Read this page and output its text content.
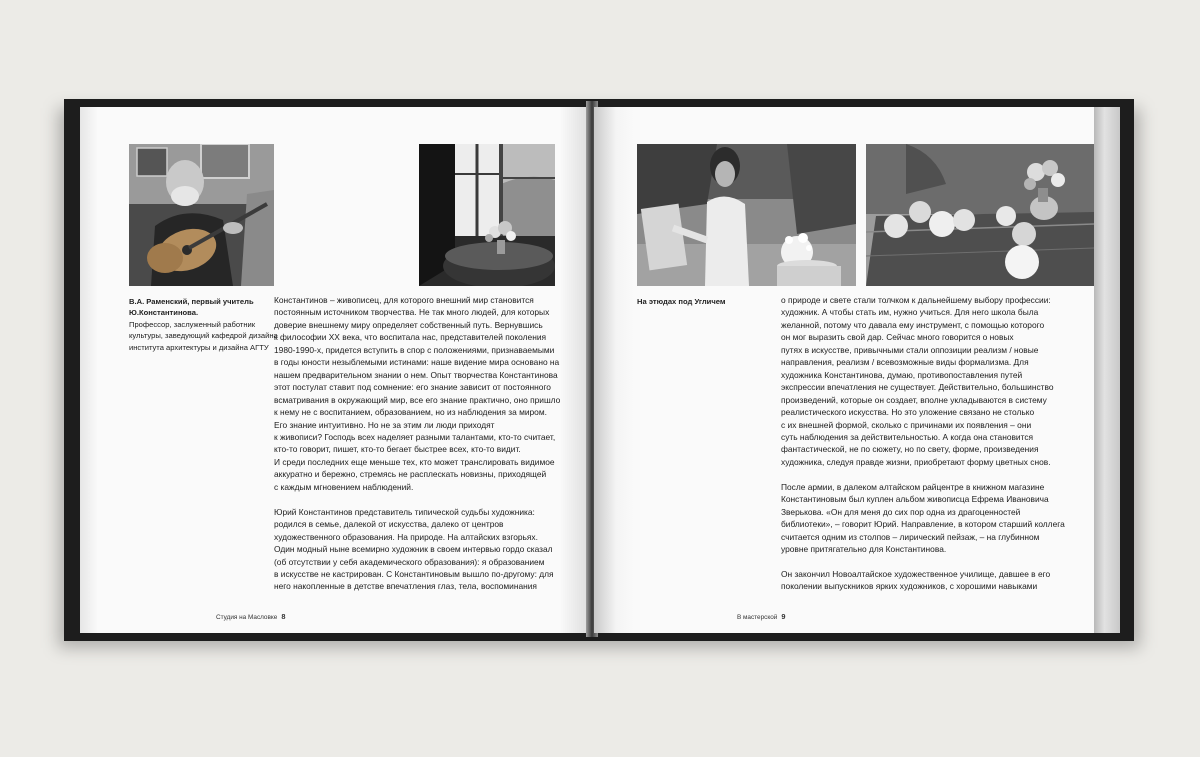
В.А. Раменский, первый учитель Ю.Константинова.
Профессор, заслуженный работник культуры, заведующий кафедрой дизайна института архитектуры и дизайна АГТУ

Константинов – живописец, для которого внешний мир становится
постоянным источником творчества. Не так много людей, для которых
доверие внешнему миру определяет собственный путь. Вернувшись
к философии XX века, что воспитала нас, представителей поколения
1980-1990-х, придется вступить в спор с положениями, признаваемыми
в годы юности незыблемыми истинами: наше видение мира основано на
нашем предварительном знании о нем. Опыт творчества Константинова
этот постулат ставит под сомнение: его знание зависит от постоянного
всматривания в окружающий мир, все его знание практично, оно пришло
к нему не с воспитанием, образованием, но из наблюдения за миром.
Его знание интуитивно. Но не за этим ли люди приходят
к живописи? Господь всех наделяет разными талантами, кто-то считает,
кто-то говорит, пишет, кто-то бегает быстрее всех, кто-то видит.
И среди последних еще меньше тех, кто может транслировать видимое
аккуратно и бережно, стремясь не расплескать новизны, приходящей
с каждым мгновением наблюдений.

Юрий Константинов представитель типической судьбы художника:
родился в семье, далекой от искусства, далеко от центров
художественного образования. На природе. На алтайских взгорьях.
Один модный ныне всемирно художник в своем интервью гордо сказал
(об отсутствии у себя академического образования): я образованием
в искусстве не кастрирован. С Константиновым вышло по-другому: для
него накопленные в детстве впечатления глаз, тела, воспоминания

Студия на Масловке 8
На этюдах под Угличем	о природе и свете стали толчком к дальнейшему выбору профессии:
художник. А чтобы стать им, нужно учиться. Для него школа была
желанной, потому что давала ему инструмент, с помощью которого
он мог выразить свой дар. Сейчас много говорится о новых
путях в искусстве, привычными стали оппозиции реализм / новые
направления, реализм / всевозможные виды формализма. Для
художника Константинова, думаю, противопоставления путей
экспрессии впечатления не существует. Действительно, большинство
произведений, которые он создает, вполне укладываются в систему
реалистического искусства. Но это уложение связано не столько
с их внешней формой, сколько с причинами их появления – они
суть наблюдения за действительностью. А когда она становится
фантастической, не по сюжету, но по свету, форме, произведения
художника, следуя правде жизни, приобретают форму цветных снов.

После армии, в далеком алтайском райцентре в книжном магазине
Константиновым был куплен альбом живописца Ефрема Ивановича
Зверькова. «Он для меня до сих пор одна из драгоценностей
библиотеки», – говорит Юрий. Направление, в котором старший коллега
считается одним из столпов – лирический пейзаж, – на глубинном
уровне притягательно для Константинова.

Он закончил Новоалтайское художественное училище, давшее в его
поколении выпускников ярких художников, с хорошими навыками

В мастерской 9
